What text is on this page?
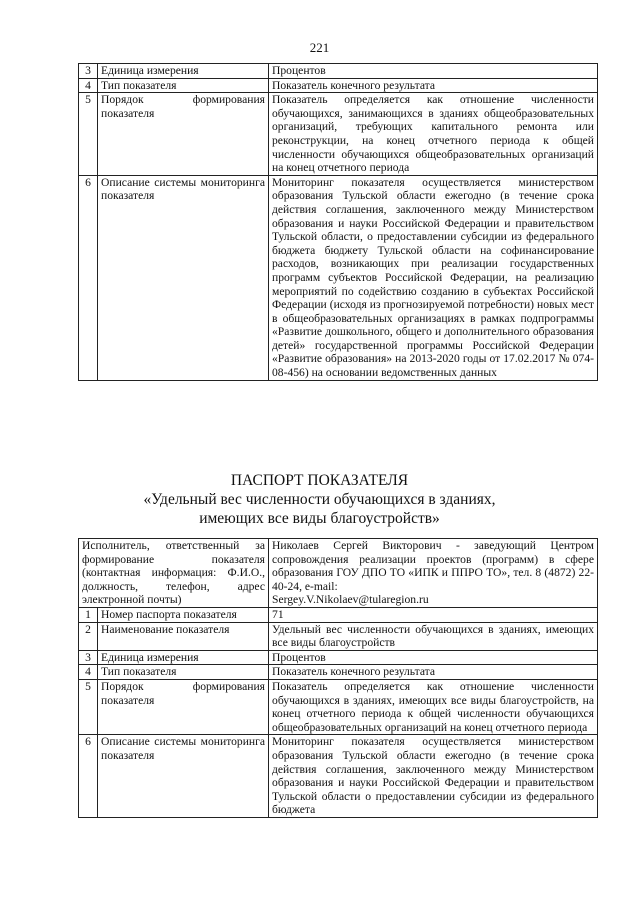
221
3	Единица измерения	Процентов
4	Тип показателя	Показатель конечного результата
5	Порядок формирования показателя	Показатель определяется как отношение численности обучающихся, занимающихся в зданиях общеобразовательных организаций, требующих капитального ремонта или реконструкции, на конец отчетного периода к общей численности обучающихся общеобразовательных организаций на конец отчетного периода
6	Описание системы мониторинга показателя	Мониторинг показателя осуществляется министерством образования Тульской области ежегодно (в течение срока действия соглашения, заключенного между Министерством образования и науки Российской Федерации и правительством Тульской области, о предоставлении субсидии из федерального бюджета бюджету Тульской области на софинансирование расходов, возникающих при реализации государственных программ субъектов Российской Федерации, на реализацию мероприятий по содействию созданию в субъектах Российской Федерации (исходя из прогнозируемой потребности) новых мест в общеобразовательных организациях в рамках подпрограммы «Развитие дошкольного, общего и дополнительного образования детей» государственной программы Российской Федерации «Развитие образования» на 2013-2020 годы от 17.02.2017 № 074-08-456) на основании ведомственных данных
ПАСПОРТ ПОКАЗАТЕЛЯ
«Удельный вес численности обучающихся в зданиях,
имеющих все виды благоустройств»
Исполнитель, ответственный за формирование показателя (контактная информация: Ф.И.О., должность, телефон, адрес электронной почты)		Николаев Сергей Викторович - заведующий Центром сопровождения реализации проектов (программ) в сфере образования ГОУ ДПО ТО «ИПК и ППРО ТО», тел. 8 (4872) 22-40-24, e-mail:
Sergey.V.Nikolaev@tularegion.ru
1	Номер паспорта показателя	71
2	Наименование показателя	Удельный вес численности обучающихся в зданиях, имеющих все виды благоустройств
3	Единица измерения	Процентов
4	Тип показателя	Показатель конечного результата
5	Порядок формирования показателя	Показатель определяется как отношение численности обучающихся в зданиях, имеющих все виды благоустройств, на конец отчетного периода к общей численности обучающихся общеобразовательных организаций на конец отчетного периода
6	Описание системы мониторинга показателя	Мониторинг показателя осуществляется министерством образования Тульской области ежегодно (в течение срока действия соглашения, заключенного между Министерством образования и науки Российской Федерации и правительством Тульской области о предоставлении субсидии из федерального бюджета
